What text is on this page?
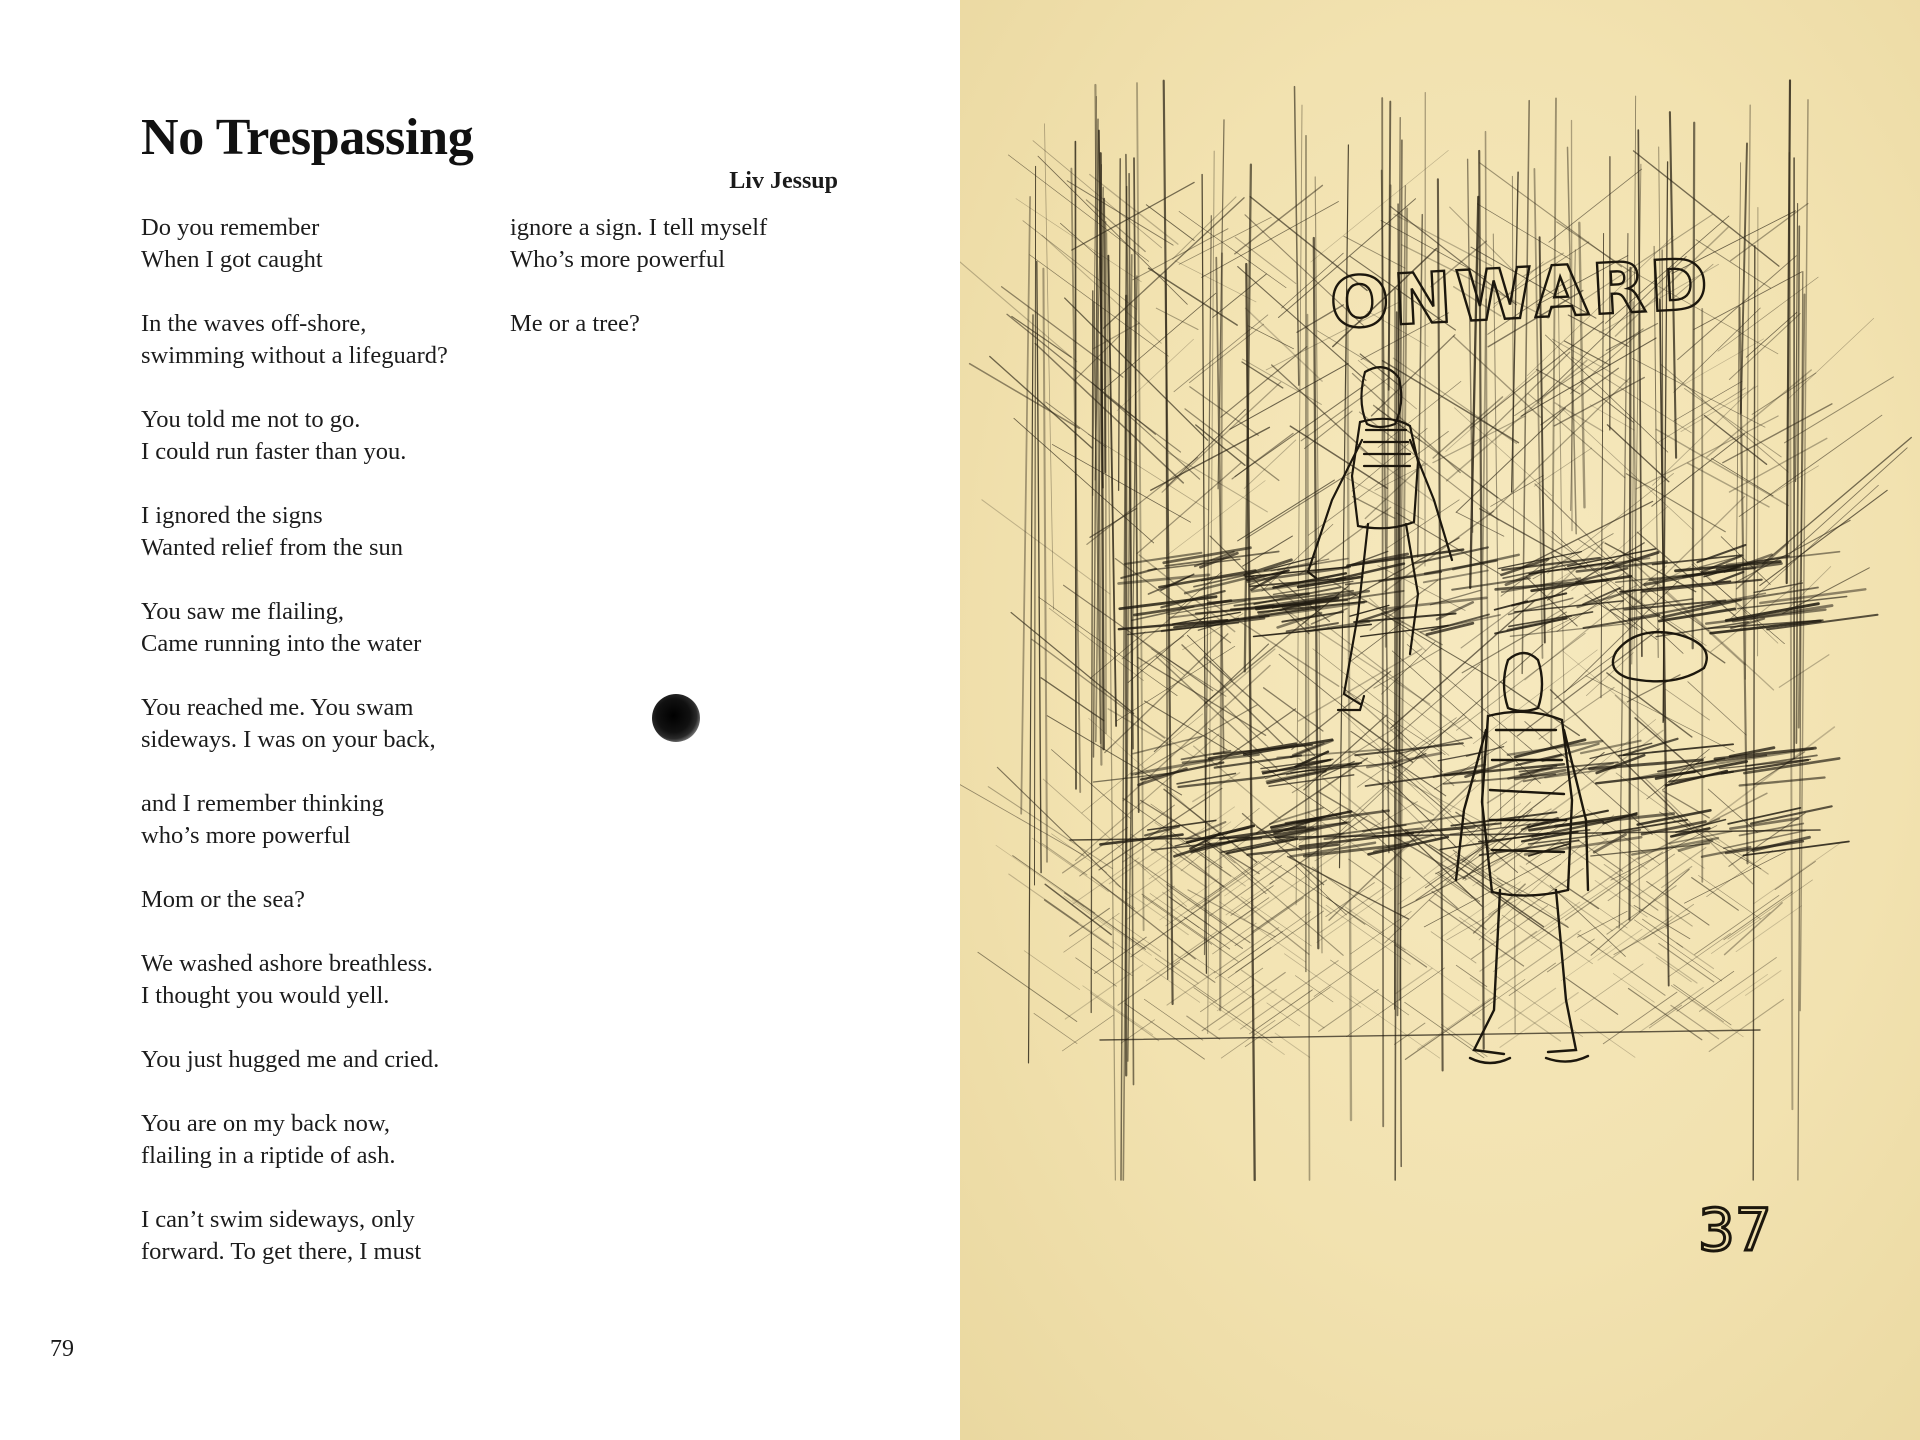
No Trespassing
Liv Jessup

Do you remember
When I got caught

In the waves off-shore,
swimming without a lifeguard?

You told me not to go.
I could run faster than you.

I ignored the signs
Wanted relief from the sun

You saw me flailing,
Came running into the water

You reached me. You swam
sideways. I was on your back,

and I remember thinking
who’s more powerful

Mom or the sea?

We washed ashore breathless.
I thought you would yell.

You just hugged me and cried.

You are on my back now,
flailing in a riptide of ash.

I can’t swim sideways, only
forward. To get there, I must

ignore a sign. I tell myself
Who’s more powerful

Me or a tree?

79
ONWARD
37
